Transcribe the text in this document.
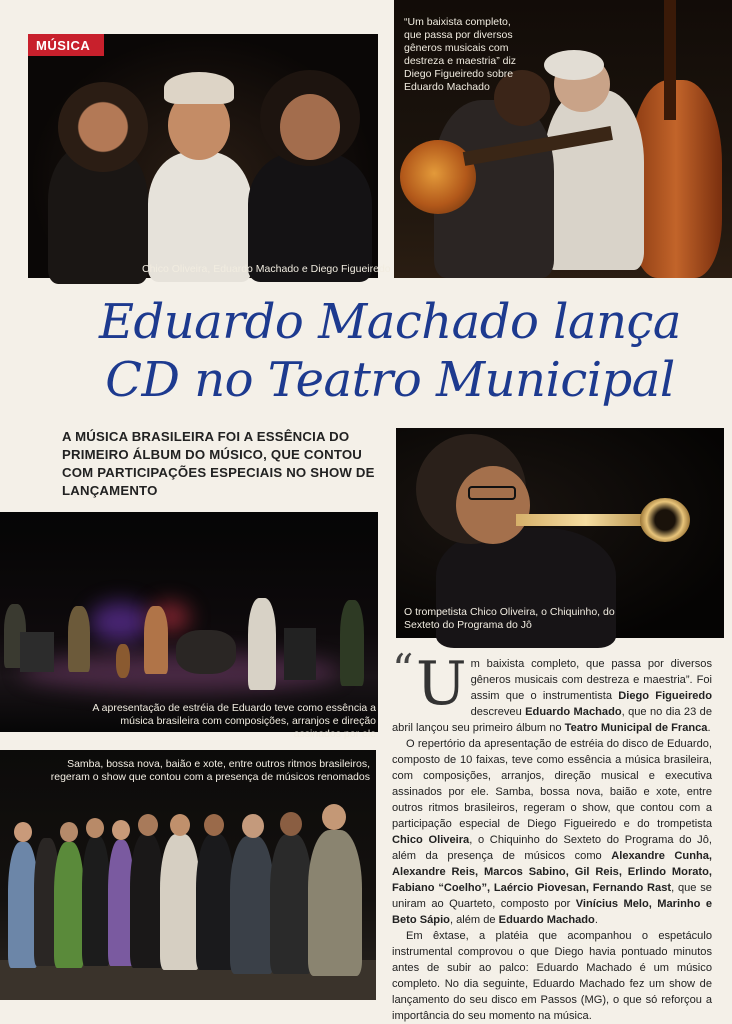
MÚSICA
Chico Oliveira, Eduardo Machado e Diego Figueiredo
“Um baixista completo, que passa por diversos gêneros musicais com destreza e maestria” diz Diego Figueiredo sobre Eduardo Machado
Eduardo Machado lança
CD no Teatro Municipal
A MÚSICA BRASILEIRA FOI A ESSÊNCIA DO PRIMEIRO ÁLBUM DO MÚSICO, QUE CONTOU COM PARTICIPAÇÕES ESPECIAIS NO SHOW DE LANÇAMENTO
O trompetista Chico Oliveira, o Chiquinho, do Sexteto do Programa do Jô
A apresentação de estréia de Eduardo teve como essência a música brasileira com composições, arranjos e direção assinados por ele
Samba, bossa nova, baião e xote, entre outros ritmos brasileiros, regeram o show que contou com a presença de músicos renomados
“ Um baixista completo, que passa por diversos gêneros musicais com destreza e maestria”. Foi assim que o instrumentista Diego Figueiredo descreveu Eduardo Machado, que no dia 23 de abril lançou seu primeiro álbum no Teatro Municipal de Franca.

O repertório da apresentação de estréia do disco de Eduardo, composto de 10 faixas, teve como essência a música brasileira, com composições, arranjos, direção musical e executiva assinados por ele. Samba, bossa nova, baião e xote, entre outros ritmos brasileiros, regeram o show, que contou com a participação especial de Diego Figueiredo e do trompetista Chico Oliveira, o Chiquinho do Sexteto do Programa do Jô, além da presença de músicos como Alexandre Cunha, Alexandre Reis, Marcos Sabino, Gil Reis, Erlindo Morato, Fabiano “Coelho”, Laércio Piovesan, Fernando Rast, que se uniram ao Quarteto, composto por Vinícius Melo, Marinho e Beto Sápio, além de Eduardo Machado.

Em êxtase, a platéia que acompanhou o espetáculo instrumental comprovou o que Diego havia pontuado minutos antes de subir ao palco: Eduardo Machado é um músico completo. No dia seguinte, Eduardo Machado fez um show de lançamento do seu disco em Passos (MG), o que só reforçou a importância do seu momento na música.
